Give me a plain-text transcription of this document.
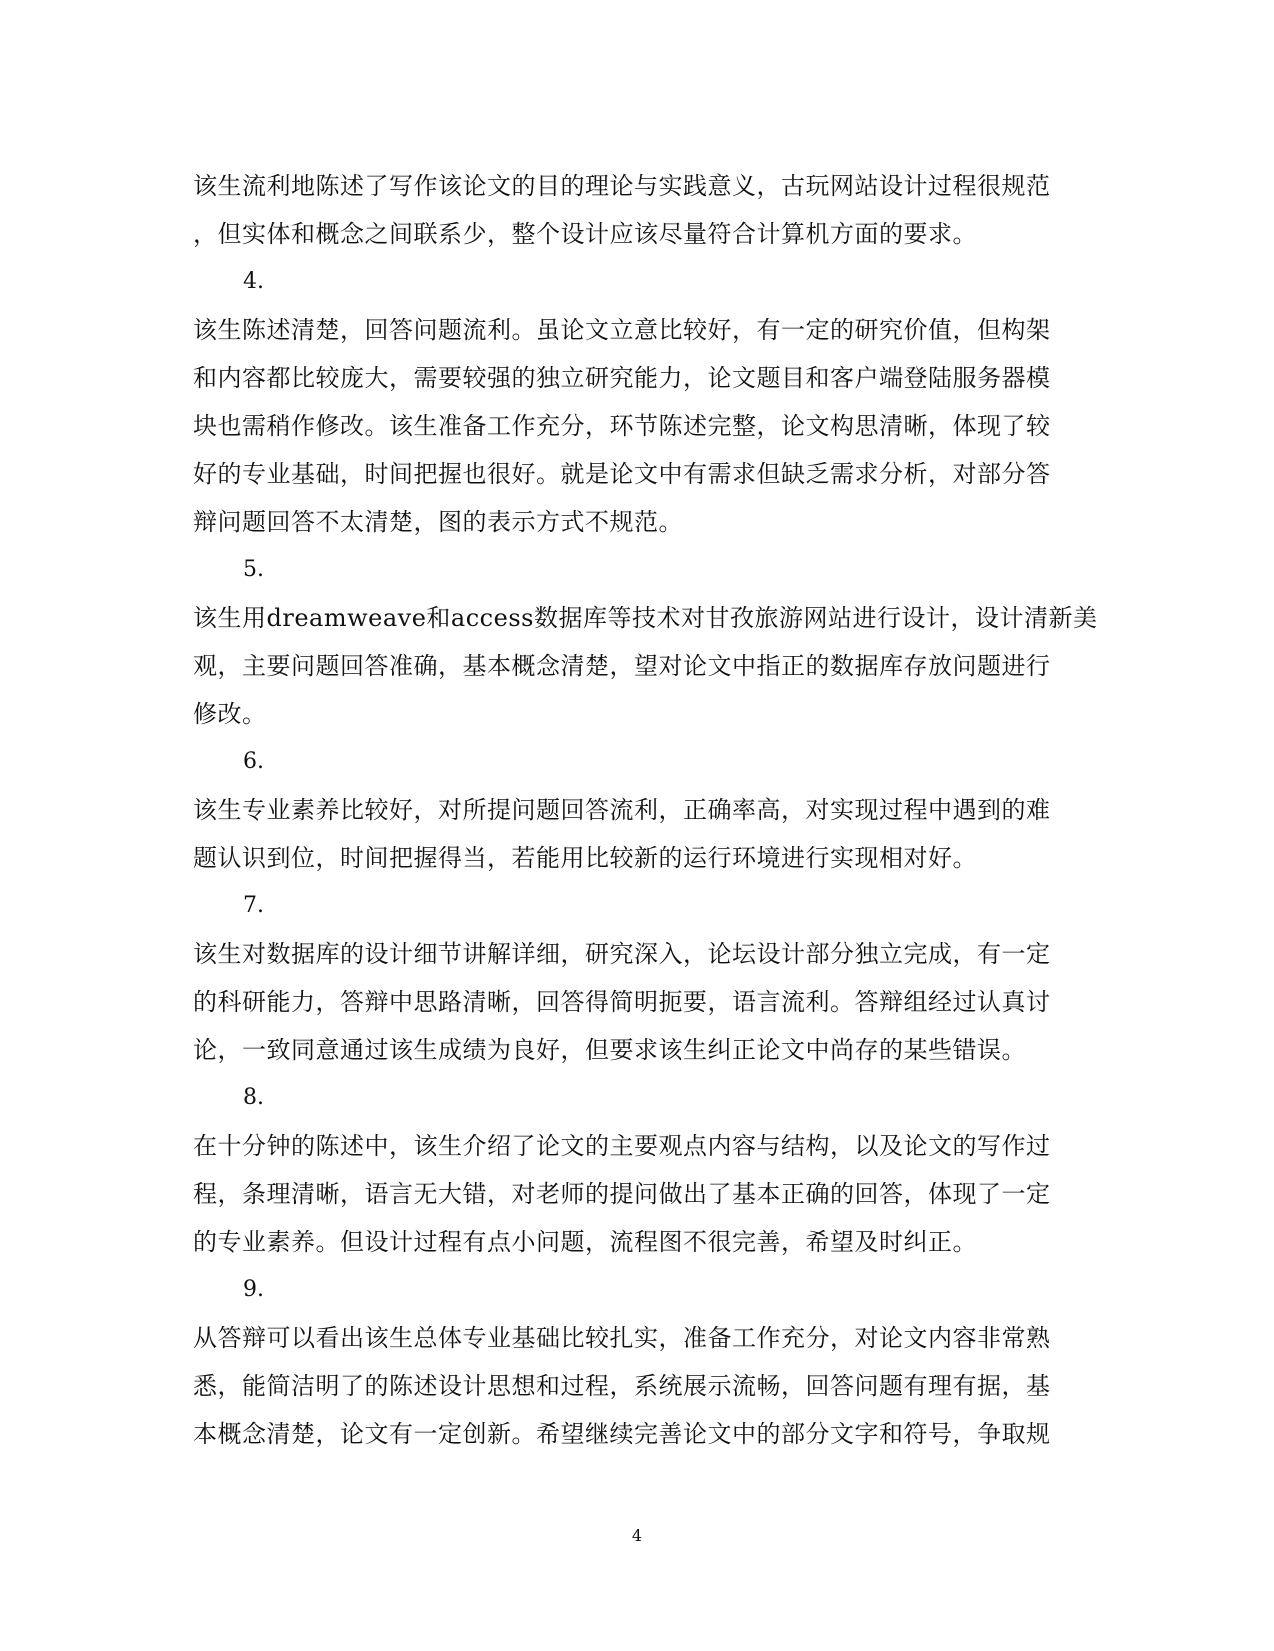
该生流利地陈述了写作该论文的目的理论与实践意义，古玩网站设计过程很规范
，但实体和概念之间联系少，整个设计应该尽量符合计算机方面的要求。
4.
该生陈述清楚，回答问题流利。虽论文立意比较好，有一定的研究价值，但构架
和内容都比较庞大，需要较强的独立研究能力，论文题目和客户端登陆服务器模
块也需稍作修改。该生准备工作充分，环节陈述完整，论文构思清晰，体现了较
好的专业基础，时间把握也很好。就是论文中有需求但缺乏需求分析，对部分答
辩问题回答不太清楚，图的表示方式不规范。
5.
该生用dreamweave和access数据库等技术对甘孜旅游网站进行设计，设计清新美
观，主要问题回答准确，基本概念清楚，望对论文中指正的数据库存放问题进行
修改。
6.
该生专业素养比较好，对所提问题回答流利，正确率高，对实现过程中遇到的难
题认识到位，时间把握得当，若能用比较新的运行环境进行实现相对好。
7.
该生对数据库的设计细节讲解详细，研究深入，论坛设计部分独立完成，有一定
的科研能力，答辩中思路清晰，回答得简明扼要，语言流利。答辩组经过认真讨
论，一致同意通过该生成绩为良好，但要求该生纠正论文中尚存的某些错误。
8.
在十分钟的陈述中，该生介绍了论文的主要观点内容与结构，以及论文的写作过
程，条理清晰，语言无大错，对老师的提问做出了基本正确的回答，体现了一定
的专业素养。但设计过程有点小问题，流程图不很完善，希望及时纠正。
9.
从答辩可以看出该生总体专业基础比较扎实，准备工作充分，对论文内容非常熟
悉，能简洁明了的陈述设计思想和过程，系统展示流畅，回答问题有理有据，基
本概念清楚，论文有一定创新。希望继续完善论文中的部分文字和符号，争取规
4
